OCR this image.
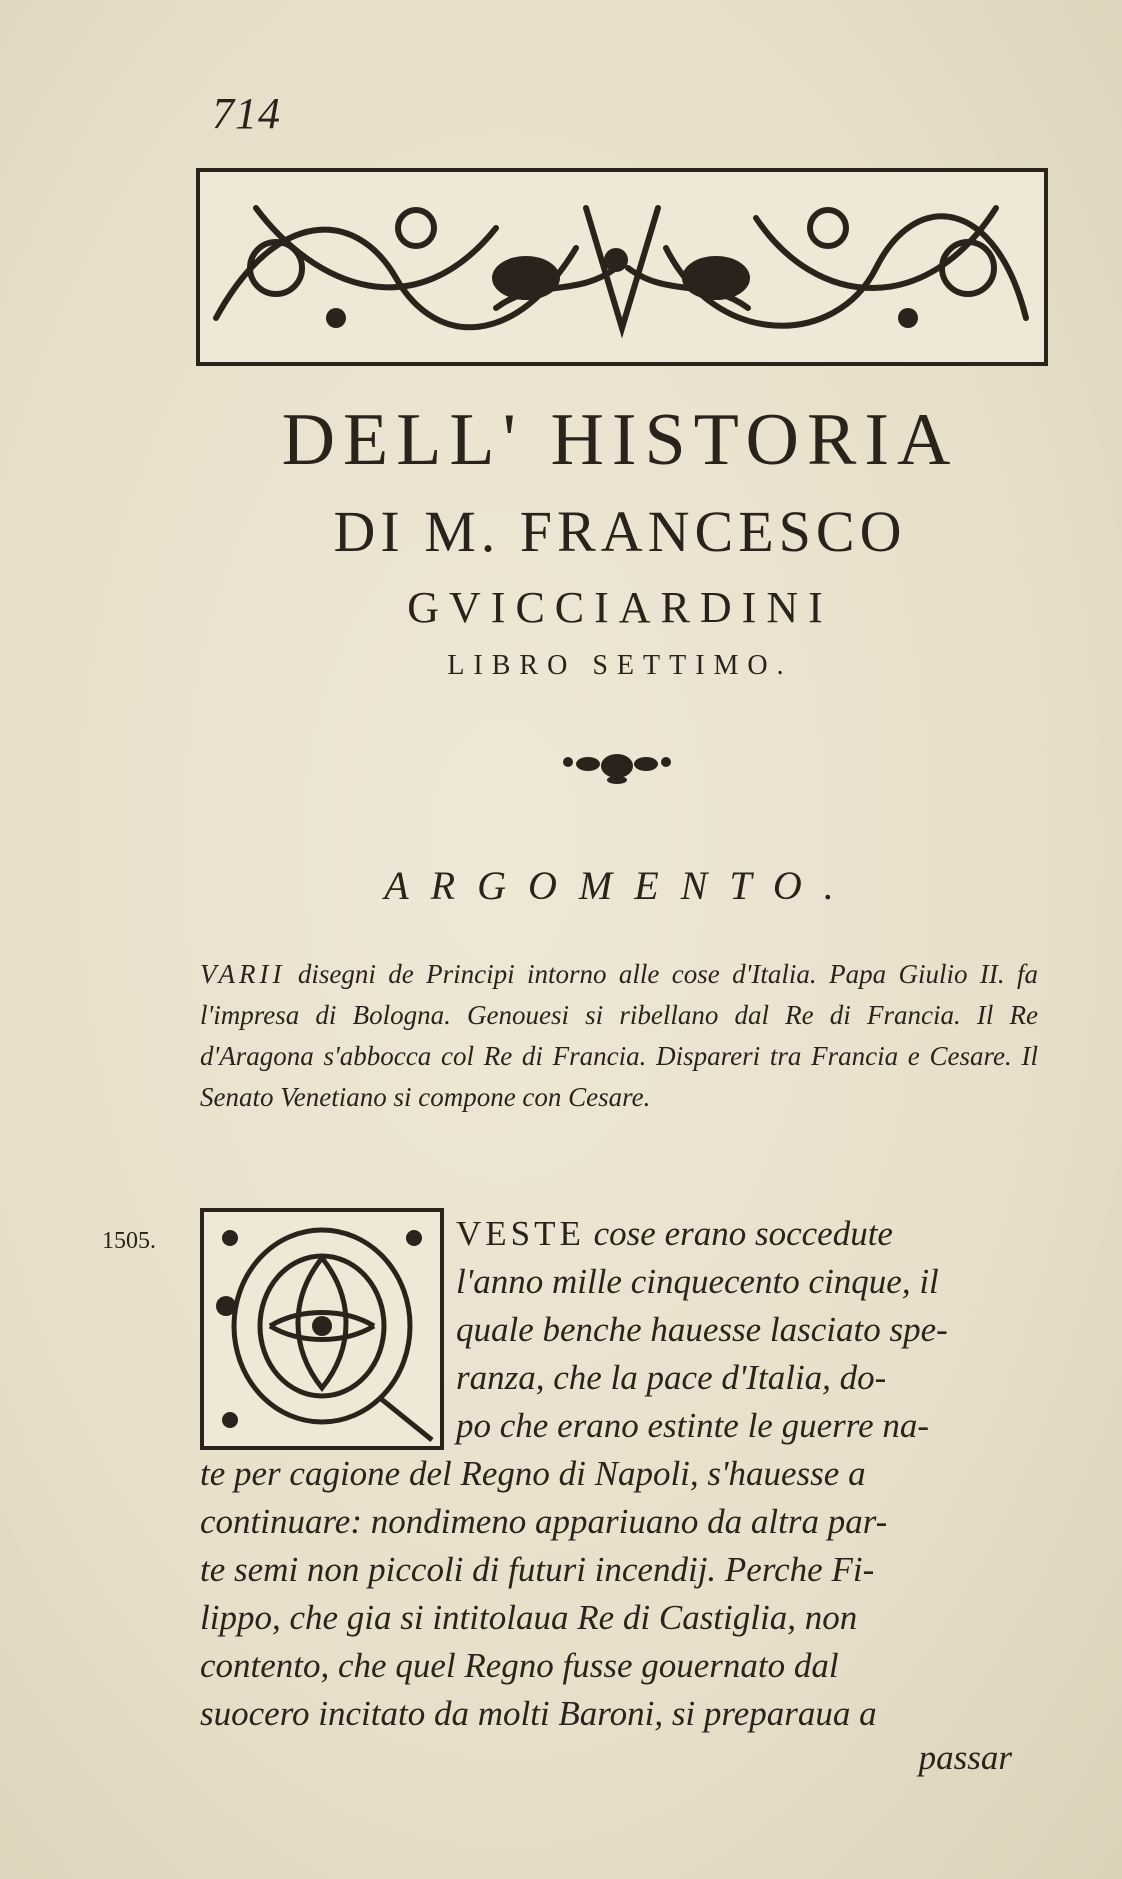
714
DELL' HISTORIA
DI M. FRANCESCO
GVICCIARDINI
LIBRO SETTIMO.
ARGOMENTO.
VARII disegni de Principi intorno alle cose d'Italia. Papa Giulio II. fa l'impresa di Bologna. Genouesi si ribellano dal Re di Francia. Il Re d'Aragona s'abbocca col Re di Francia. Dispareri tra Francia e Cesare. Il Senato Venetiano si compone con Cesare.
1505.	VESTE cose erano soccedute
l'anno mille cinquecento cinque, il
quale benche hauesse lasciato spe-
ranza, che la pace d'Italia, do-
po che erano estinte le guerre na-
te per cagione del Regno di Napoli, s'hauesse a
continuare: nondimeno appariuano da altra par-
te semi non piccoli di futuri incendij. Perche Fi-
lippo, che gia si intitolaua Re di Castiglia, non
contento, che quel Regno fusse gouernato dal
suocero incitato da molti Baroni, si preparaua a
passar
